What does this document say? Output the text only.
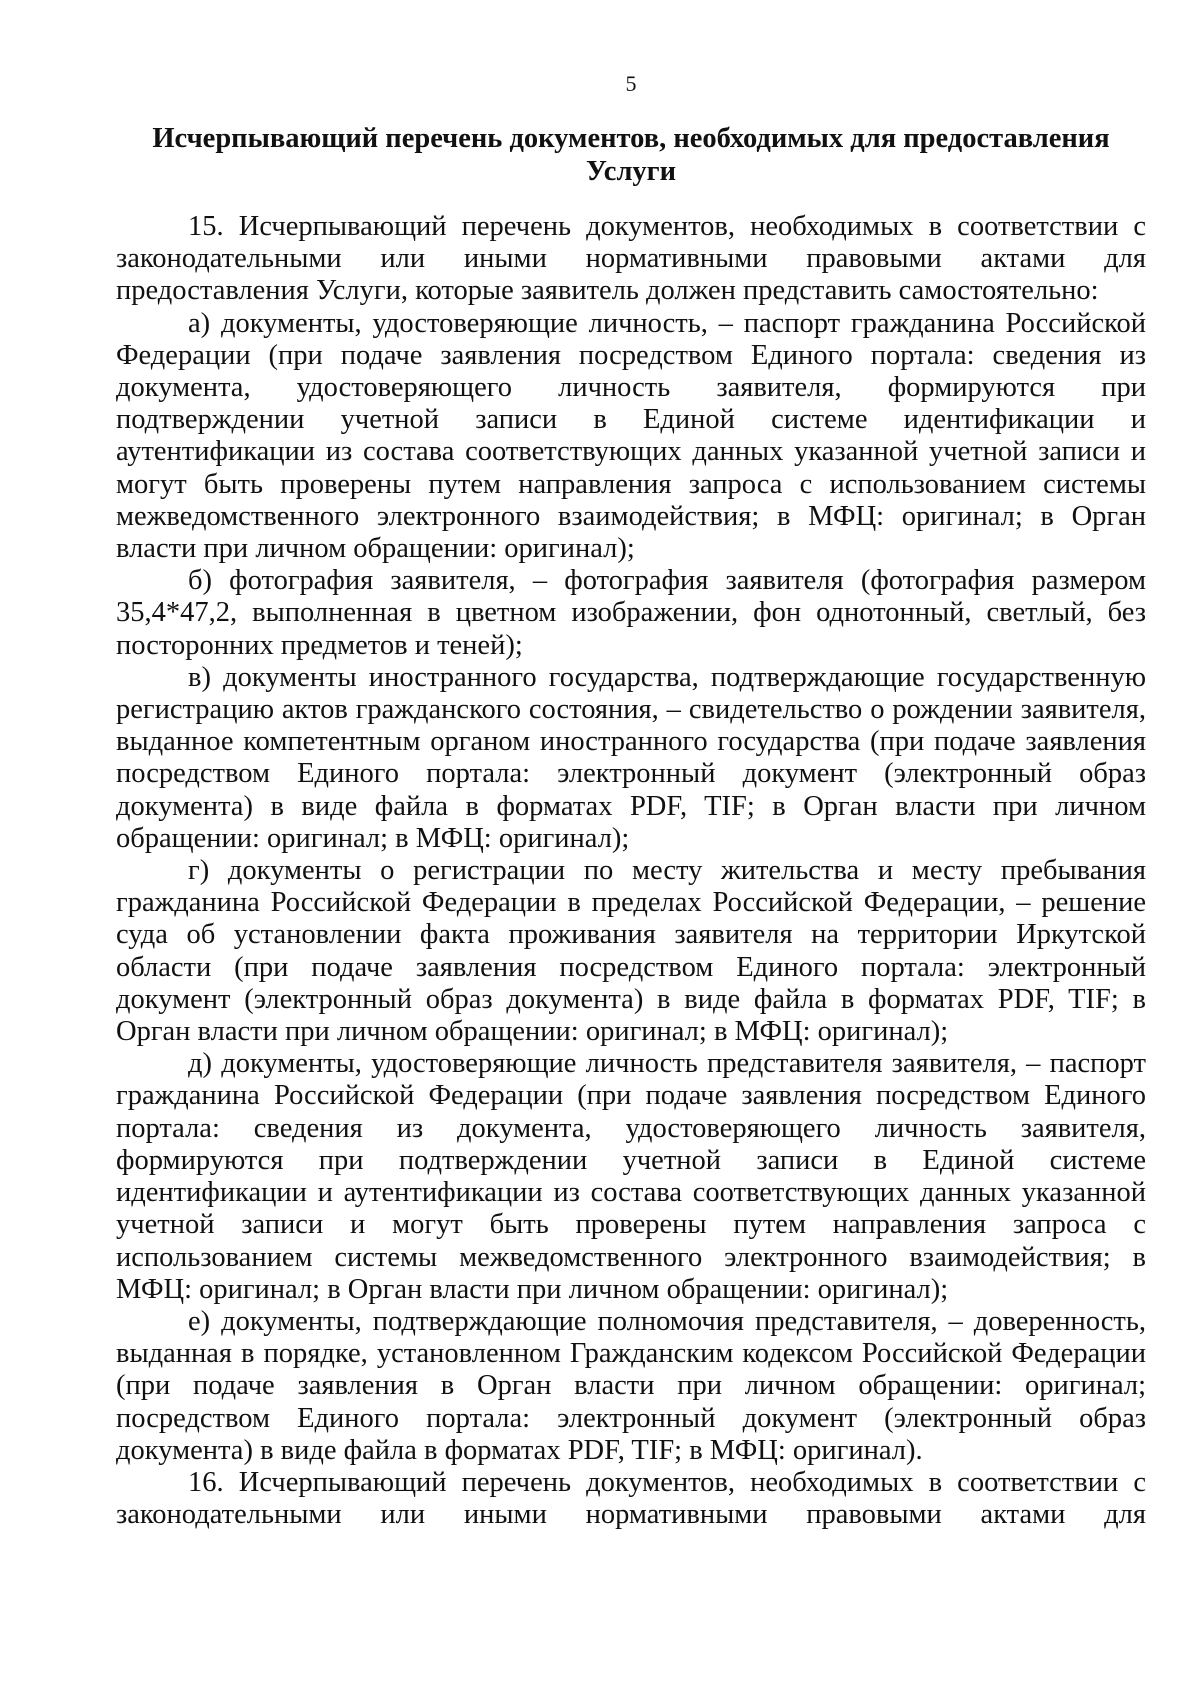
5
Исчерпывающий перечень документов, необходимых для предоставления Услуги

15. Исчерпывающий перечень документов, необходимых в соответствии с законодательными или иными нормативными правовыми актами для предоставления Услуги, которые заявитель должен представить самостоятельно:

а) документы, удостоверяющие личность, – паспорт гражданина Российской Федерации (при подаче заявления посредством Единого портала: сведения из документа, удостоверяющего личность заявителя, формируются при подтверждении учетной записи в Единой системе идентификации и аутентификации из состава соответствующих данных указанной учетной записи и могут быть проверены путем направления запроса с использованием системы межведомственного электронного взаимодействия; в МФЦ: оригинал; в Орган власти при личном обращении: оригинал);

б) фотография заявителя, – фотография заявителя (фотография размером 35,4*47,2, выполненная в цветном изображении, фон однотонный, светлый, без посторонних предметов и теней);

в) документы иностранного государства, подтверждающие государственную регистрацию актов гражданского состояния, – свидетельство о рождении заявителя, выданное компетентным органом иностранного государства (при подаче заявления посредством Единого портала: электронный документ (электронный образ документа) в виде файла в форматах PDF, TIF; в Орган власти при личном обращении: оригинал; в МФЦ: оригинал);

г) документы о регистрации по месту жительства и месту пребывания гражданина Российской Федерации в пределах Российской Федерации, – решение суда об установлении факта проживания заявителя на территории Иркутской области (при подаче заявления посредством Единого портала: электронный документ (электронный образ документа) в виде файла в форматах PDF, TIF; в Орган власти при личном обращении: оригинал; в МФЦ: оригинал);

д) документы, удостоверяющие личность представителя заявителя, – паспорт гражданина Российской Федерации (при подаче заявления посредством Единого портала: сведения из документа, удостоверяющего личность заявителя, формируются при подтверждении учетной записи в Единой системе идентификации и аутентификации из состава соответствующих данных указанной учетной записи и могут быть проверены путем направления запроса с использованием системы межведомственного электронного взаимодействия; в МФЦ: оригинал; в Орган власти при личном обращении: оригинал);

е) документы, подтверждающие полномочия представителя, – доверенность, выданная в порядке, установленном Гражданским кодексом Российской Федерации (при подаче заявления в Орган власти при личном обращении: оригинал; посредством Единого портала: электронный документ (электронный образ документа) в виде файла в форматах PDF, TIF; в МФЦ: оригинал).

16. Исчерпывающий перечень документов, необходимых в соответствии с законодательными или иными нормативными правовыми актами для
